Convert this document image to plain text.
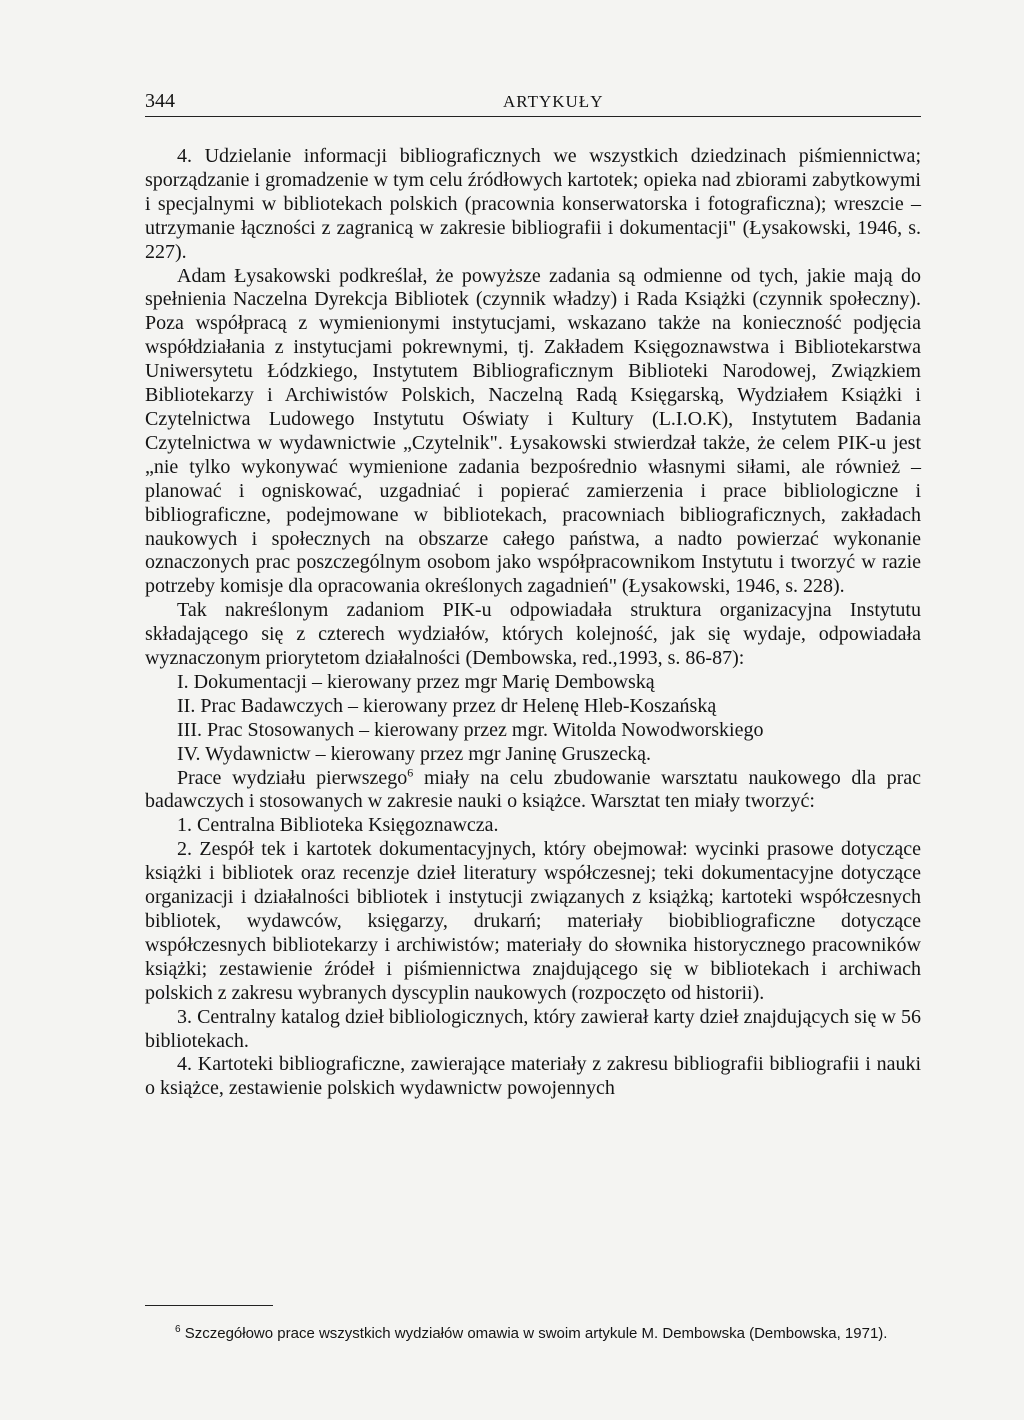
344	ARTYKUŁY

4. Udzielanie informacji bibliograficznych we wszystkich dziedzinach piśmiennictwa; sporządzanie i gromadzenie w tym celu źródłowych kartotek; opieka nad zbiorami zabytkowymi i specjalnymi w bibliotekach polskich (pracownia konserwatorska i fotograficzna); wreszcie – utrzymanie łączności z zagranicą w zakresie bibliografii i dokumentacji" (Łysakowski, 1946, s. 227).

Adam Łysakowski podkreślał, że powyższe zadania są odmienne od tych, jakie mają do spełnienia Naczelna Dyrekcja Bibliotek (czynnik władzy) i Rada Książki (czynnik społeczny). Poza współpracą z wymienionymi instytucjami, wskazano także na konieczność podjęcia współdziałania z instytucjami pokrewnymi, tj. Zakładem Księgoznawstwa i Bibliotekarstwa Uniwersytetu Łódzkiego, Instytutem Bibliograficznym Biblioteki Narodowej, Związkiem Bibliotekarzy i Archiwistów Polskich, Naczelną Radą Księgarską, Wydziałem Książki i Czytelnictwa Ludowego Instytutu Oświaty i Kultury (L.I.O.K), Instytutem Badania Czytelnictwa w wydawnictwie „Czytelnik". Łysakowski stwierdzał także, że celem PIK-u jest „nie tylko wykonywać wymienione zadania bezpośrednio własnymi siłami, ale również – planować i ogniskować, uzgadniać i popierać zamierzenia i prace bibliologiczne i bibliograficzne, podejmowane w bibliotekach, pracowniach bibliograficznych, zakładach naukowych i społecznych na obszarze całego państwa, a nadto powierzać wykonanie oznaczonych prac poszczególnym osobom jako współpracownikom Instytutu i tworzyć w razie potrzeby komisje dla opracowania określonych zagadnień" (Łysakowski, 1946, s. 228).

Tak nakreślonym zadaniom PIK-u odpowiadała struktura organizacyjna Instytutu składającego się z czterech wydziałów, których kolejność, jak się wydaje, odpowiadała wyznaczonym priorytetom działalności (Dembowska, red.,1993, s. 86-87):

I. Dokumentacji – kierowany przez mgr Marię Dembowską

II. Prac Badawczych – kierowany przez dr Helenę Hleb-Koszańską

III. Prac Stosowanych – kierowany przez mgr. Witolda Nowodworskiego

IV. Wydawnictw – kierowany przez mgr Janinę Gruszecką.

Prace wydziału pierwszego$^6$ miały na celu zbudowanie warsztatu naukowego dla prac badawczych i stosowanych w zakresie nauki o książce. Warsztat ten miały tworzyć:

1. Centralna Biblioteka Księgoznawcza.

2. Zespół tek i kartotek dokumentacyjnych, który obejmował: wycinki prasowe dotyczące książki i bibliotek oraz recenzje dzieł literatury współczesnej; teki dokumentacyjne dotyczące organizacji i działalności bibliotek i instytucji związanych z książką; kartoteki współczesnych bibliotek, wydawców, księgarzy, drukarń; materiały biobibliograficzne dotyczące współczesnych bibliotekarzy i archiwistów; materiały do słownika historycznego pracowników książki; zestawienie źródeł i piśmiennictwa znajdującego się w bibliotekach i archiwach polskich z zakresu wybranych dyscyplin naukowych (rozpoczęto od historii).

3. Centralny katalog dzieł bibliologicznych, który zawierał karty dzieł znajdujących się w 56 bibliotekach.

4. Kartoteki bibliograficzne, zawierające materiały z zakresu bibliografii bibliografii i nauki o książce, zestawienie polskich wydawnictw powojennych

$^6$ Szczegółowo prace wszystkich wydziałów omawia w swoim artykule M. Dembowska (Dembowska, 1971).
